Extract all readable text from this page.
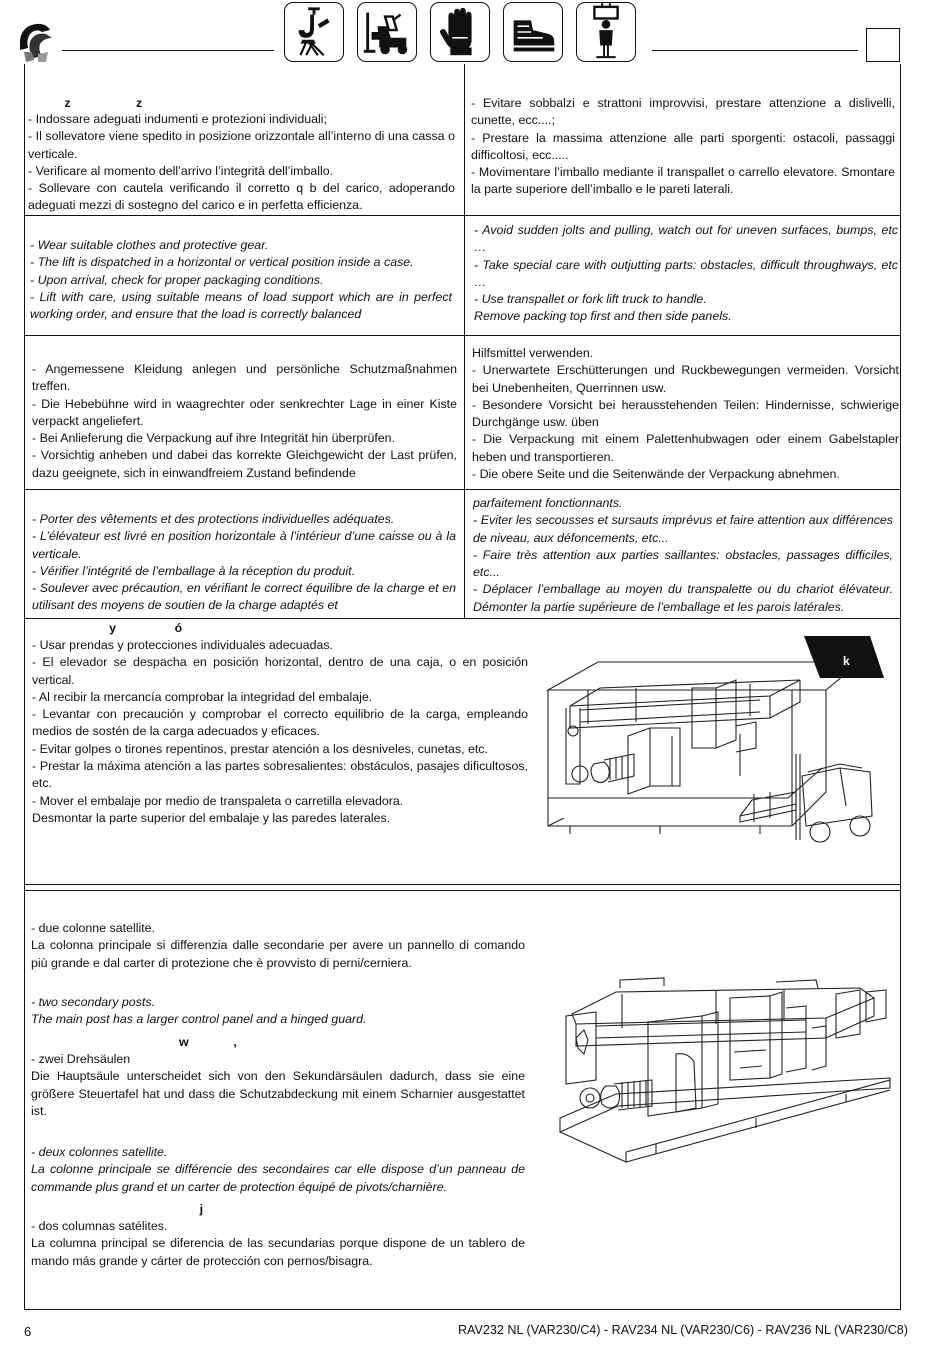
z                   z

- Indossare adeguati indumenti e protezioni individuali;

- Il sollevatore viene spedito in posizione orizzontale all’interno di una cassa o verticale.

- Verificare al momento dell’arrivo l’integrità dell’imballo.

- Sollevare con cautela verificando il corretto q b del carico, adoperando adeguati mezzi di sostegno del carico e in perfetta efficienza.

- Evitare sobbalzi e strattoni improvvisi, prestare attenzione a dislivelli, cunette, ecc....;

- Prestare la massima attenzione alle parti sporgenti: ostacoli, passaggi difficoltosi, ecc.....

- Movimentare l’imballo mediante il transpallet o carrello elevatore. Smontare la parte superiore dell’imballo e le pareti laterali.

- Wear suitable clothes and protective gear.

- The lift is dispatched in a horizontal or vertical position inside a case.

- Upon arrival, check for proper packaging conditions.

- Lift with care, using suitable means of load support which are in perfect working order, and ensure that the load is correctly balanced

- Avoid sudden jolts and pulling, watch out for uneven surfaces, bumps, etc …

- Take special care with outjutting parts: obstacles, difficult throughways, etc …

- Use transpallet or fork lift truck to handle.

Remove packing top first and then side panels.

- Angemessene Kleidung anlegen und persönliche Schutzmaßnahmen treffen.

- Die Hebebühne wird in waagrechter oder senkrechter Lage in einer Kiste verpackt angeliefert.

- Bei Anlieferung die Verpackung auf ihre Integrität hin überprüfen.

- Vorsichtig anheben und dabei das korrekte Gleichgewicht der Last prüfen, dazu geeignete, sich in einwandfreiem Zustand befindende

Hilfsmittel verwenden.

- Unerwartete Erschütterungen und Ruckbewegungen vermeiden. Vorsicht bei Unebenheiten, Querrinnen usw.

- Besondere Vorsicht bei herausstehenden Teilen: Hindernisse, schwierige Durchgänge usw. üben

- Die Verpackung mit einem Palettenhubwagen oder einem Gabelstapler heben und transportieren.

- Die obere Seite und die Seitenwände der Verpackung abnehmen.

- Porter des vêtements et des protections individuelles adéquates.

- L’élévateur est livré en position horizontale à l’intérieur d’une caisse ou à la verticale.

- Vérifier l’intégrité de l’emballage à la réception du produit.

- Soulever avec précaution, en vérifiant le correct équilibre de la charge et en utilisant des moyens de soutien de la charge adaptés et

parfaitement fonctionnants.

- Eviter les secousses et sursauts imprévus et faire attention aux différences de niveau, aux défoncements, etc...

- Faire très attention aux parties saillantes: obstacles, passages difficiles, etc...

- Déplacer l’emballage au moyen du transpalette ou du chariot élévateur. Démonter la partie supérieure de l’emballage et les parois latérales.

y                 ó

- Usar prendas y protecciones individuales adecuadas.

- El elevador se despacha en posición horizontal, dentro de una caja, o en posición vertical.

- Al recibir la mercancía comprobar la integridad del embalaje.

- Levantar con precaución y comprobar el correcto equilibrio de la carga, empleando medios de sostén de la carga adecuados y eficaces.

- Evitar golpes o tirones repentinos, prestar atención a los desniveles, cunetas, etc.

- Prestar la máxima atención a las partes sobresalientes: obstáculos, pasajes dificultosos, etc.

- Mover el embalaje por medio de transpaleta o carretilla elevadora.

Desmontar la parte superior del embalaje y las paredes laterales.

k

- due colonne satellite.

La colonna principale si differenzia dalle secondarie per avere un pannello di comando più grande e dal carter di protezione che è provvisto di perni/cerniera.

- two secondary posts.

The main post has a larger control panel and a hinged guard.

w             ,

- zwei Drehsäulen

Die Hauptsäule unterscheidet sich von den Sekundärsäulen dadurch, dass sie eine größere Steuertafel hat und dass die Schutzabdeckung mit einem Scharnier ausgestattet ist.

- deux colonnes satellite.

La colonne principale se différencie des secondaires car elle dispose d’un panneau de commande plus grand et un carter de protection équipé de pivots/charnière.

j

- dos columnas satélites.

La columna principal se diferencia de las secundarias porque dispone de un tablero de mando más grande y cárter de protección con pernos/bisagra.

6	RAV232 NL (VAR230/C4) - RAV234 NL (VAR230/C6) - RAV236 NL (VAR230/C8)
